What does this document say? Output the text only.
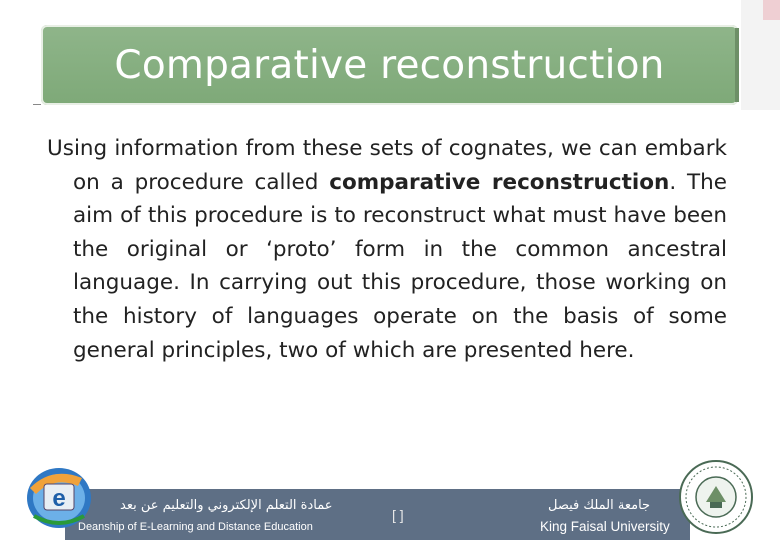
Comparative reconstruction

Using information from these sets of cognates, we can embark on a procedure called comparative reconstruction. The aim of this procedure is to reconstruct what must have been the original or ‘proto’ form in the common ancestral language. In carrying out this procedure, those working on the history of languages operate on the basis of some general principles, two of which are presented here.

e	عمادة التعلم الإلكتروني والتعليم عن بعد
Deanship of E-Learning and Distance Education
[ ]
جامعة الملك فيصل
King Faisal University
